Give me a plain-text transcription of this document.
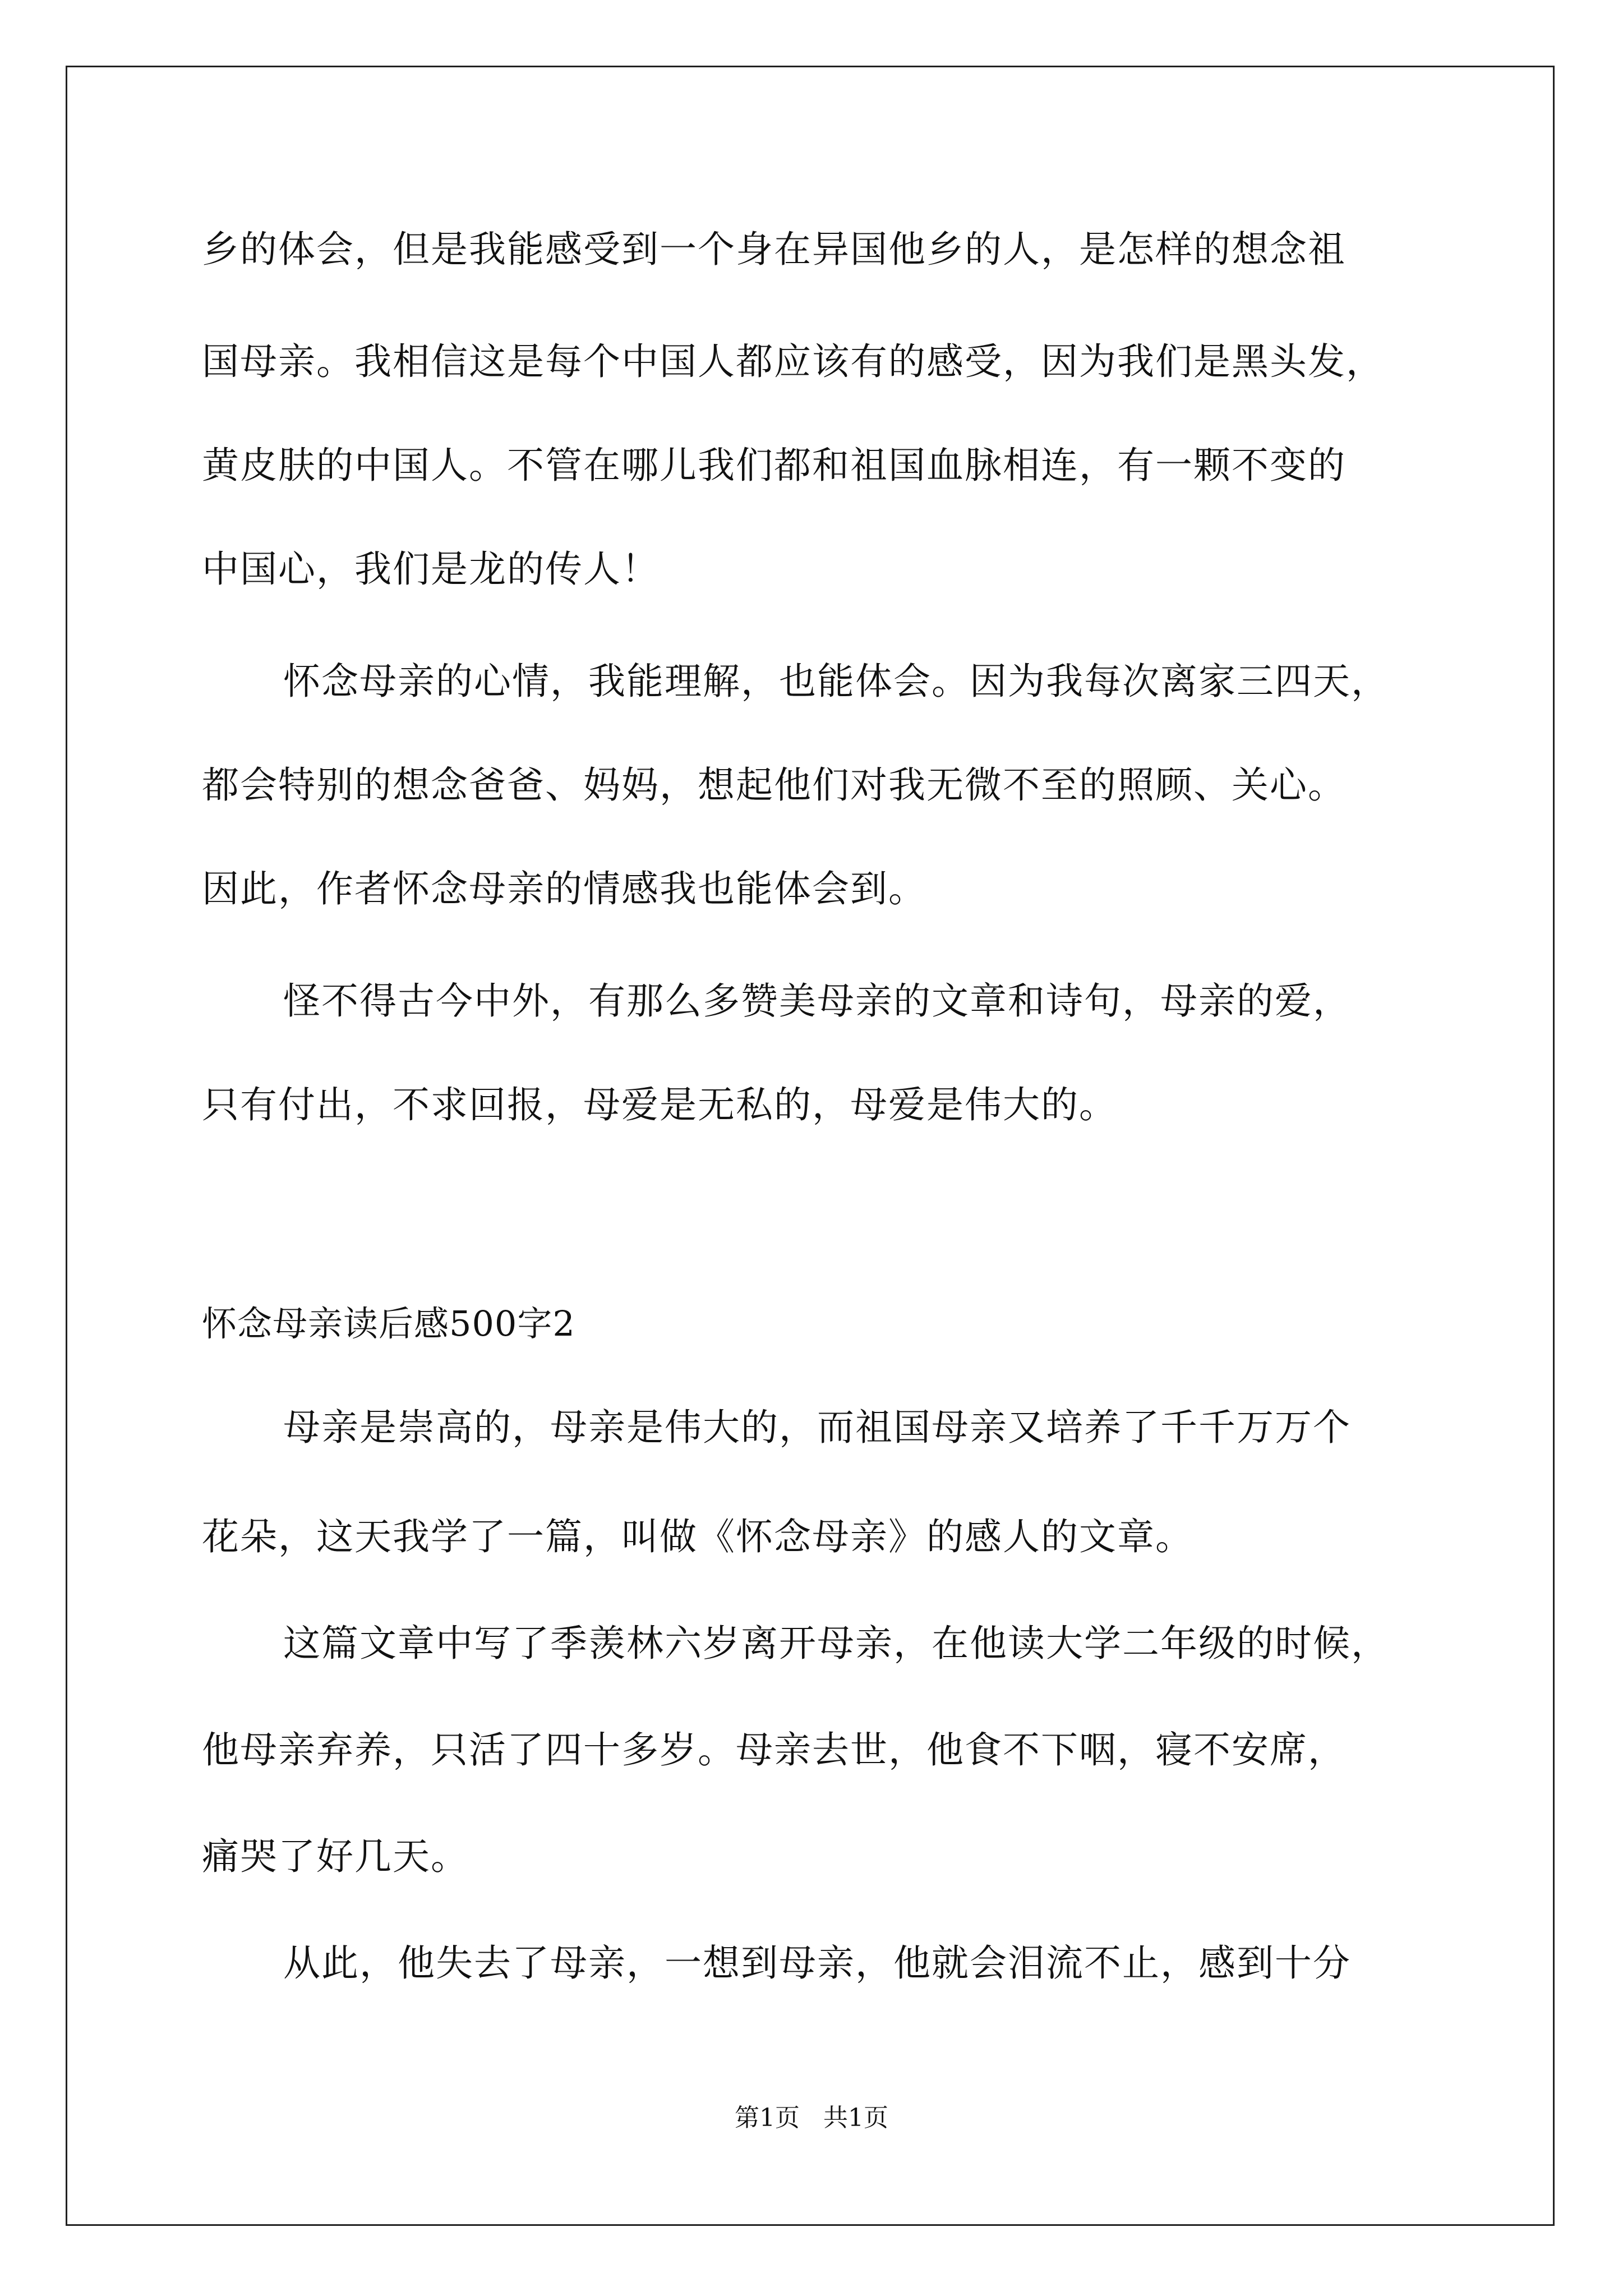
乡的体会，但是我能感受到一个身在异国他乡的人，是怎样的想念祖
国母亲。我相信这是每个中国人都应该有的感受，因为我们是黑头发，
黄皮肤的中国人。不管在哪儿我们都和祖国血脉相连，有一颗不变的
中国心，我们是龙的传人！
怀念母亲的心情，我能理解，也能体会。因为我每次离家三四天，
都会特别的想念爸爸、妈妈，想起他们对我无微不至的照顾、关心。
因此，作者怀念母亲的情感我也能体会到。
怪不得古今中外，有那么多赞美母亲的文章和诗句，母亲的爱，
只有付出，不求回报，母爱是无私的，母爱是伟大的。
怀念母亲读后感500字2
母亲是崇高的，母亲是伟大的，而祖国母亲又培养了千千万万个
花朵，这天我学了一篇，叫做《怀念母亲》的感人的文章。
这篇文章中写了季羡林六岁离开母亲，在他读大学二年级的时候，
他母亲弃养，只活了四十多岁。母亲去世，他食不下咽，寝不安席，
痛哭了好几天。
从此，他失去了母亲，一想到母亲，他就会泪流不止，感到十分
第1页   共1页
